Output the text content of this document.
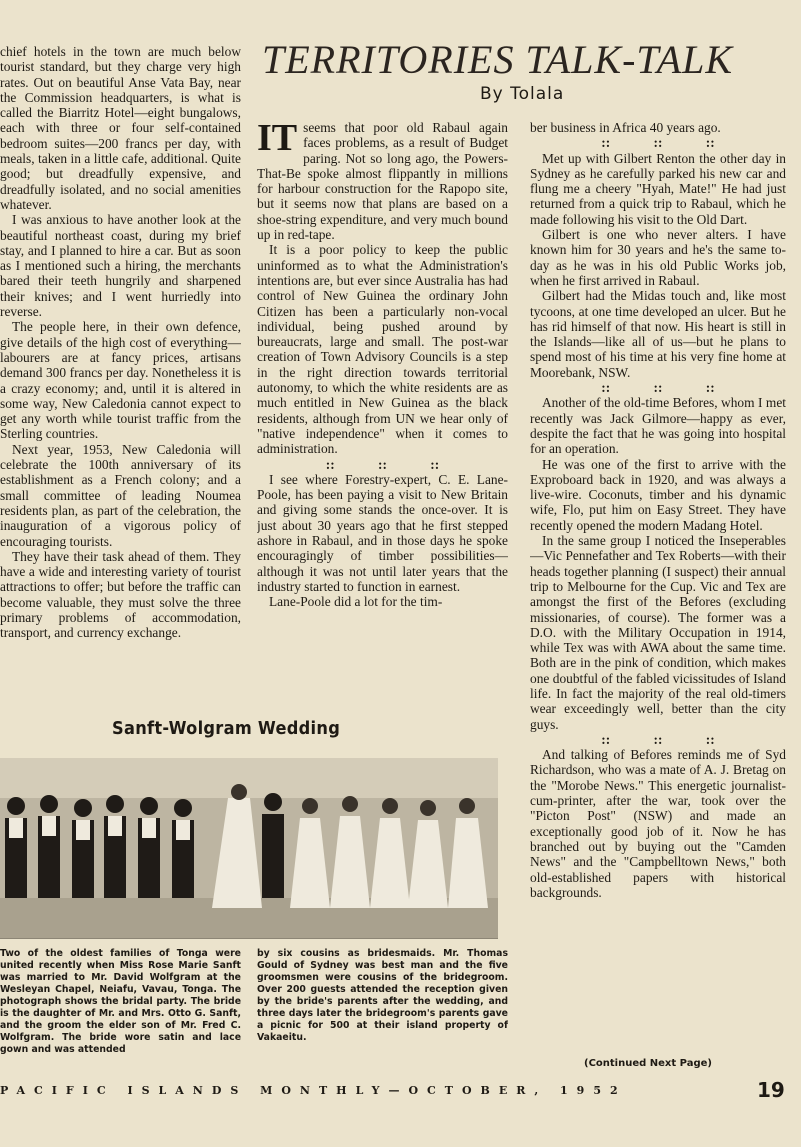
chief hotels in the town are much below tourist standard, but they charge very high rates. Out on beautiful Anse Vata Bay, near the Commission headquarters, is what is called the Biarritz Hotel—eight bungalows, each with three or four self-contained bedroom suites—200 francs per day, with meals, taken in a little cafe, additional. Quite good; but dreadfully expensive, and dreadfully isolated, and no social amenities whatever.

I was anxious to have another look at the beautiful northeast coast, during my brief stay, and I planned to hire a car. But as soon as I mentioned such a hiring, the merchants bared their teeth hungrily and sharpened their knives; and I went hurriedly into reverse.

The people here, in their own defence, give details of the high cost of everything—labourers are at fancy prices, artisans demand 300 francs per day. Nonetheless it is a crazy economy; and, until it is altered in some way, New Caledonia cannot expect to get any worth while tourist traffic from the Sterling countries.

Next year, 1953, New Caledonia will celebrate the 100th anniversary of its establishment as a French colony; and a small committee of leading Noumea residents plan, as part of the celebration, the inauguration of a vigorous policy of encouraging tourists.

They have their task ahead of them. They have a wide and interesting variety of tourist attractions to offer; but before the traffic can become valuable, they must solve the three primary problems of accommodation, transport, and currency exchange.

TERRITORIES TALK-TALK
By Tolala

IT seems that poor old Rabaul again faces problems, as a result of Budget paring. Not so long ago, the Powers-That-Be spoke almost flippantly in millions for harbour construction for the Rapopo site, but it seems now that plans are based on a shoe-string expenditure, and very much bound up in red-tape.

It is a poor policy to keep the public uninformed as to what the Administration's intentions are, but ever since Australia has had control of New Guinea the ordinary John Citizen has been a particularly non-vocal individual, being pushed around by bureaucrats, large and small. The post-war creation of Town Advisory Councils is a step in the right direction towards territorial autonomy, to which the white residents are as much entitled in New Guinea as the black residents, although from UN we hear only of "native independence" when it comes to administration.

:: :: ::

I see where Forestry-expert, C. E. Lane-Poole, has been paying a visit to New Britain and giving some stands the once-over. It is just about 30 years ago that he first stepped ashore in Rabaul, and in those days he spoke encouragingly of timber possibilities—although it was not until later years that the industry started to function in earnest.

Lane-Poole did a lot for the tim-

ber business in Africa 40 years ago.

:: :: ::

Met up with Gilbert Renton the other day in Sydney as he carefully parked his new car and flung me a cheery "Hyah, Mate!" He had just returned from a quick trip to Rabaul, which he made following his visit to the Old Dart.

Gilbert is one who never alters. I have known him for 30 years and he's the same to-day as he was in his old Public Works job, when he first arrived in Rabaul.

Gilbert had the Midas touch and, like most tycoons, at one time developed an ulcer. But he has rid himself of that now. His heart is still in the Islands—like all of us—but he plans to spend most of his time at his very fine home at Moorebank, NSW.

:: :: ::

Another of the old-time Befores, whom I met recently was Jack Gilmore—happy as ever, despite the fact that he was going into hospital for an operation.

He was one of the first to arrive with the Exproboard back in 1920, and was always a live-wire. Coconuts, timber and his dynamic wife, Flo, put him on Easy Street. They have recently opened the modern Madang Hotel.

In the same group I noticed the Inseperables—Vic Pennefather and Tex Roberts—with their heads together planning (I suspect) their annual trip to Melbourne for the Cup. Vic and Tex are amongst the first of the Befores (excluding missionaries, of course). The former was a D.O. with the Military Occupation in 1914, while Tex was with AWA about the same time. Both are in the pink of condition, which makes one doubtful of the fabled vicissitudes of Island life. In fact the majority of the real old-timers wear exceedingly well, better than the city guys.

:: :: ::

And talking of Befores reminds me of Syd Richardson, who was a mate of A. J. Bretag on the "Morobe News." This energetic journalist-cum-printer, after the war, took over the "Picton Post" (NSW) and made an exceptionally good job of it. Now he has branched out by buying out the "Camden News" and the "Campbelltown News," both old-established papers with historical backgrounds.

Sanft-Wolgram Wedding
Two of the oldest families of Tonga were united recently when Miss Rose Marie Sanft was married to Mr. David Wolfgram at the Wesleyan Chapel, Neiafu, Vavau, Tonga. The photograph shows the bridal party. The bride is the daughter of Mr. and Mrs. Otto G. Sanft, and the groom the elder son of Mr. Fred C. Wolfgram. The bride wore satin and lace gown and was attended
by six cousins as bridesmaids. Mr. Thomas Gould of Sydney was best man and the five groomsmen were cousins of the bridegroom. Over 200 guests attended the reception given by the bride's parents after the wedding, and three days later the bridegroom's parents gave a picnic for 500 at their island property of Vakaeitu.
(Continued Next Page)
PACIFIC ISLANDS MONTHLY—OCTOBER, 1952	19
